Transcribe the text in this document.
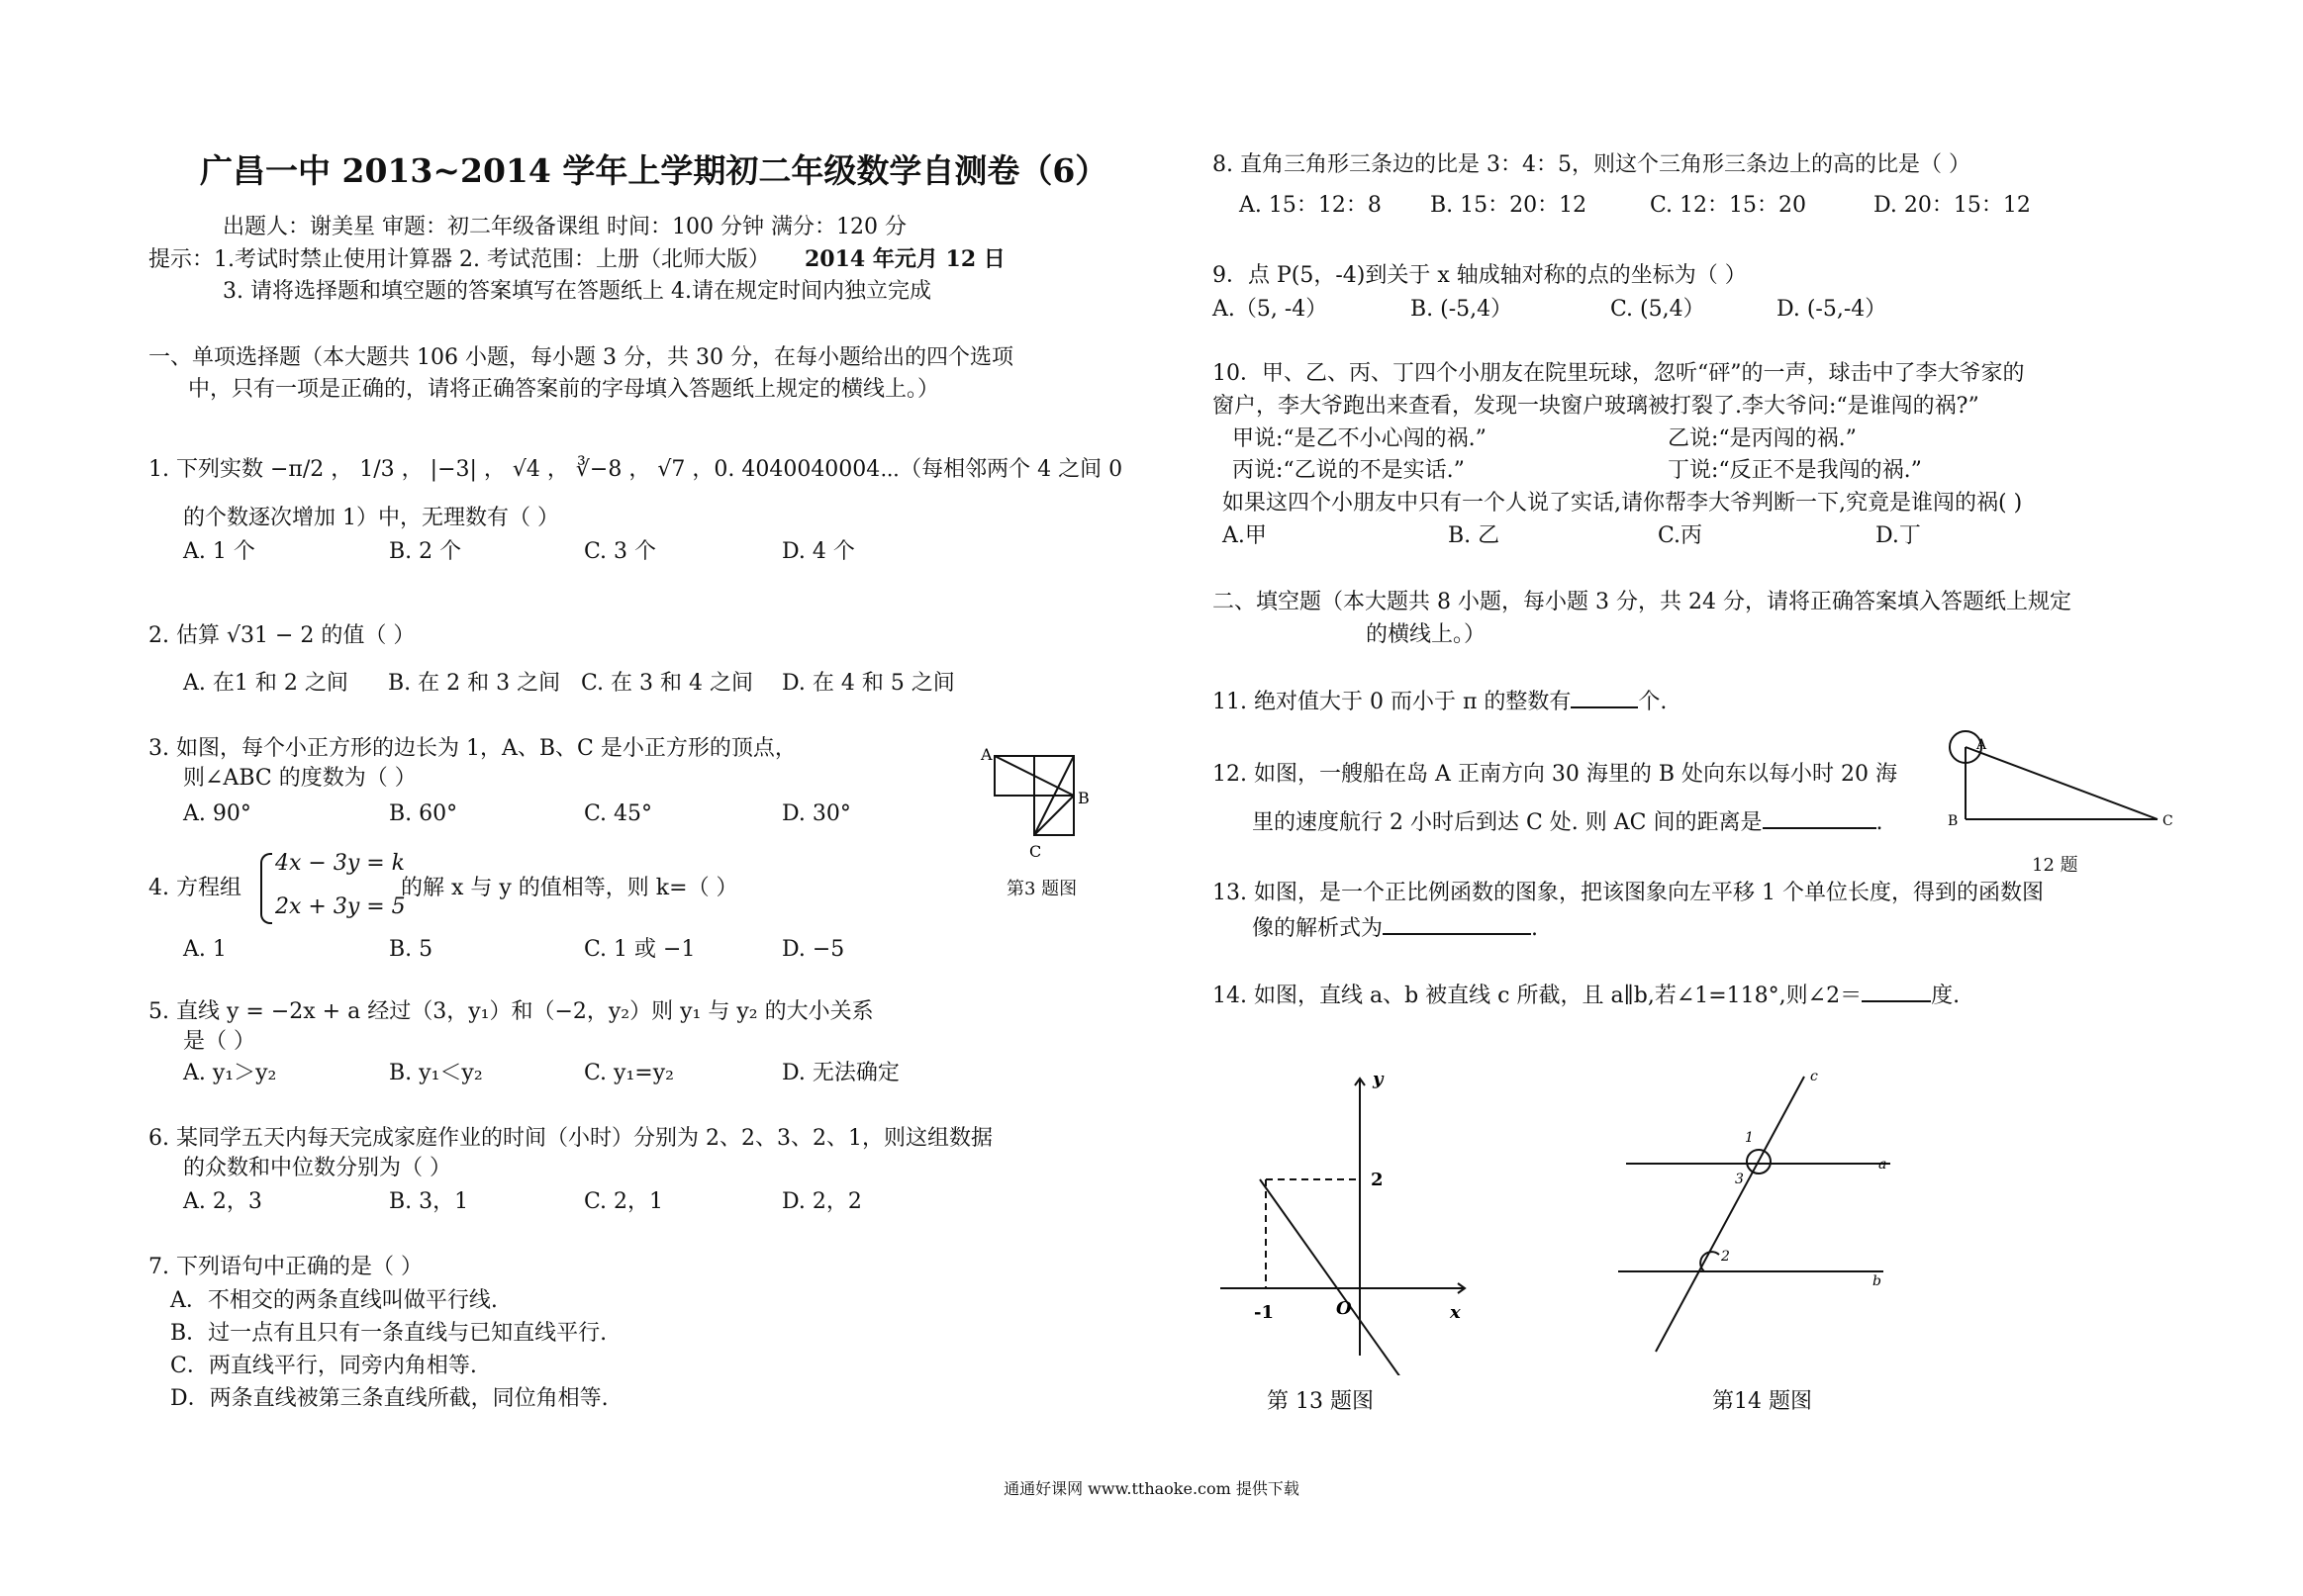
广昌一中 2013~2014 学年上学期初二年级数学自测卷（6）
出题人：谢美星 审题：初二年级备课组 时间：100 分钟 满分：120 分
提示：1.考试时禁止使用计算器 2. 考试范围：上册（北师大版） 2014 年元月 12 日
3. 请将选择题和填空题的答案填写在答题纸上 4.请在规定时间内独立完成
一、单项选择题（本大题共 106 小题，每小题 3 分，共 30 分，在每小题给出的四个选项
中，只有一项是正确的，请将正确答案前的字母填入答题纸上规定的横线上。）
1. 下列实数 −π/2 ， 1/3 ， |−3| ， √4 ， ∛−8 ， √7 ，0. 4040040004⋯（每相邻两个 4 之间 0
的个数逐次增加 1）中，无理数有（ ）
A. 1 个	B. 2 个	C. 3 个	D. 4 个
2. 估算 √31 − 2 的值（ ）
A. 在1 和 2 之间 B. 在 2 和 3 之间 C. 在 3 和 4 之间 D. 在 4 和 5 之间
3. 如图，每个小正方形的边长为 1，A、B、C 是小正方形的顶点，
则∠ABC 的度数为（ ）
A. 90°	B. 60°	C. 45°	D. 30°
A
B
C
第3 题图
4. 方程组
4x − 3y = k
2x + 3y = 5
的解 x 与 y 的值相等，则 k=（ ）
A. 1	B. 5	C. 1 或 −1	D. −5
5. 直线 y = −2x + a 经过（3，y₁）和（−2，y₂）则 y₁ 与 y₂ 的大小关系
是（ ）
A. y₁＞y₂	B. y₁＜y₂	C. y₁=y₂	D. 无法确定
6. 某同学五天内每天完成家庭作业的时间（小时）分别为 2、2、3、2、1，则这组数据
的众数和中位数分别为（ ）
A. 2，3	B. 3，1	C. 2，1	D. 2，2
7. 下列语句中正确的是（ ）
A．不相交的两条直线叫做平行线.
B．过一点有且只有一条直线与已知直线平行.
C．两直线平行，同旁内角相等.
D．两条直线被第三条直线所截，同位角相等.
8. 直角三角形三条边的比是 3：4：5，则这个三角形三条边上的高的比是（ ）
A. 15：12：8 B. 15：20：12	C. 12：15：20	D. 20：15：12
9．点 P(5，-4)到关于 x 轴成轴对称的点的坐标为（ ）
A.（5, -4）	B. (-5,4）	C. (5,4）	D. (-5,-4）
10．甲、乙、丙、丁四个小朋友在院里玩球，忽听“砰”的一声，球击中了李大爷家的
窗户，李大爷跑出来查看，发现一块窗户玻璃被打裂了.李大爷问:“是谁闯的祸?”
甲说:“是乙不小心闯的祸.”	乙说:“是丙闯的祸.”
丙说:“乙说的不是实话.”	丁说:“反正不是我闯的祸.”
如果这四个小朋友中只有一个人说了实话,请你帮李大爷判断一下,究竟是谁闯的祸( )
A.甲	B. 乙	C.丙	D.丁
二、填空题（本大题共 8 小题，每小题 3 分，共 24 分，请将正确答案填入答题纸上规定
的横线上。）
11. 绝对值大于 0 而小于 π 的整数有	个.
12. 如图，一艘船在岛 A 正南方向 30 海里的 B 处向东以每小时 20 海
里的速度航行 2 小时后到达 C 处. 则 AC 间的距离是	.
A
B	C
12 题
13. 如图，是一个正比例函数的图象，把该图象向左平移 1 个单位长度，得到的函数图
像的解析式为	.
14. 如图，直线 a、b 被直线 c 所截，且 a∥b,若∠1=118°,则∠2＝	度.
y
x
O
2
-1
第 13 题图
c
a
b
1
3
2
第14 题图
通通好课网 www.tthaoke.com 提供下载
